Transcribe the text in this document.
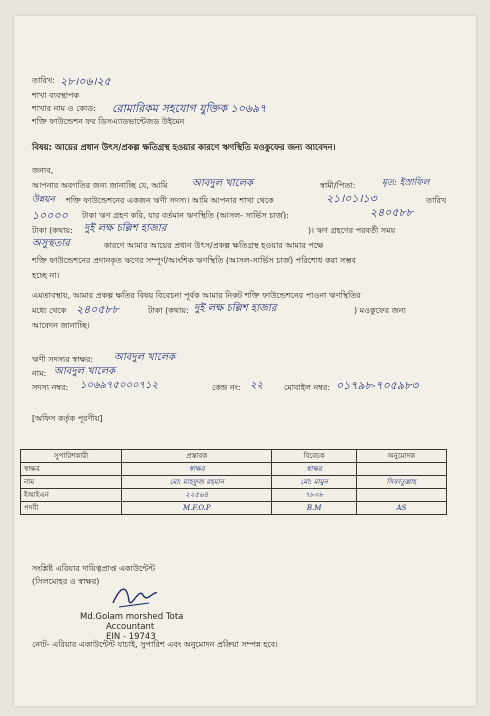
তারিখ: ২৮।০৬।২৫
শাখা ব্যবস্থাপক
শাখার নাম ও কোড: রোমারিকম সহযোগ যুক্তিক ১০৬৯৭
শক্তি ফাউন্ডেশন ফর ডিসএ্যাডভান্টেজড উইমেন
বিষয়: আয়ের প্রধান উৎস/প্রকল্প ক্ষতিগ্রস্থ হওয়ার কারণে ঋণস্থিতি মওকুফের জন্য আবেদন।
জনাব,
আপনার অবগতির জন্য জানাচ্ছি যে, আমি আবদুল খালেক	স্বামী/পিতা:	মৃত: ইস্রাফিল
উন্নয়ন শক্তি ফাউন্ডেশনের একজন ঋণী সদস্য। আমি আপনার শাখা থেকে	২১।০১।১৩	তারিখ
১০০০০ টাকা ঋণ গ্রহণ করি, যার বর্তমান ঋণস্থিতি (আসল- সার্ভিস চার্জ):	২৪০৫৮৮
টাকা (কথায়: দুই লক্ষ চল্লিশ হাজার	)। ঋণ গ্রহণের পরবর্তী সময়
অসুস্থতার	কারণে আমার আয়ের প্রধান উৎস/প্রকল্প ক্ষতিগ্রস্থ হওয়ার আমার পক্ষে
শক্তি ফাউন্ডেশনের প্রদানকৃত ঋণের সম্পূর্ণ/আংশিক ঋণস্থিতি (আসল-সার্ভিস চার্জ) পরিশোধ করা সম্ভব
হচ্ছে না।
এমতাবস্থায়, আমার প্রকল্প ক্ষতির বিষয় বিবেচনা পূর্বক আমার নিকট শক্তি ফাউন্ডেশনের পাওনা ঋণস্থিতির
মধ্যে থেকে ২৪০৫৮৮	টাকা (কথায়: দুই লক্ষ চল্লিশ হাজার	) মওকুফের জন্য
আবেদন জানাচ্ছি।
ঋণী সদস্যর স্বাক্ষর: আবদুল খালেক
নাম: আবদুল খালেক
সদস্য নম্বর: ১০৬৯৭৫০০০৭১২	কেন্দ্র নং: ২২	মোবাইল নম্বর: ০১৭৯৮-৭০৫৯৮৩
[অফিস কর্তৃক পূরণীয়]
সংশ্লিষ্ট এরিয়ার দায়িত্বপ্রাপ্ত একাউন্টেন্ট
(সিলমোহর ও স্বাক্ষর)
Md.Golam morshed Tota
Accountant
EIN - 19743
নোট- এরিয়ার একাউন্টেন্ট যাচাই, সুপারিশ এবং অনুমোদন প্রক্রিয়া সম্পন্ন হবে।
সুপারিশকারী	প্রস্তাবক	বিবেচক	অনুমোদক
স্বাক্ষর	স্বাক্ষর	স্বাক্ষর	
নাম	মো: মাহফুজ রহমান	মো: মামুন	সিফাতুল্লাহ
ইআইএন	২২৫৬৪	৭৮০৮	
পদবী	M.F.O.P	B.M	AS
